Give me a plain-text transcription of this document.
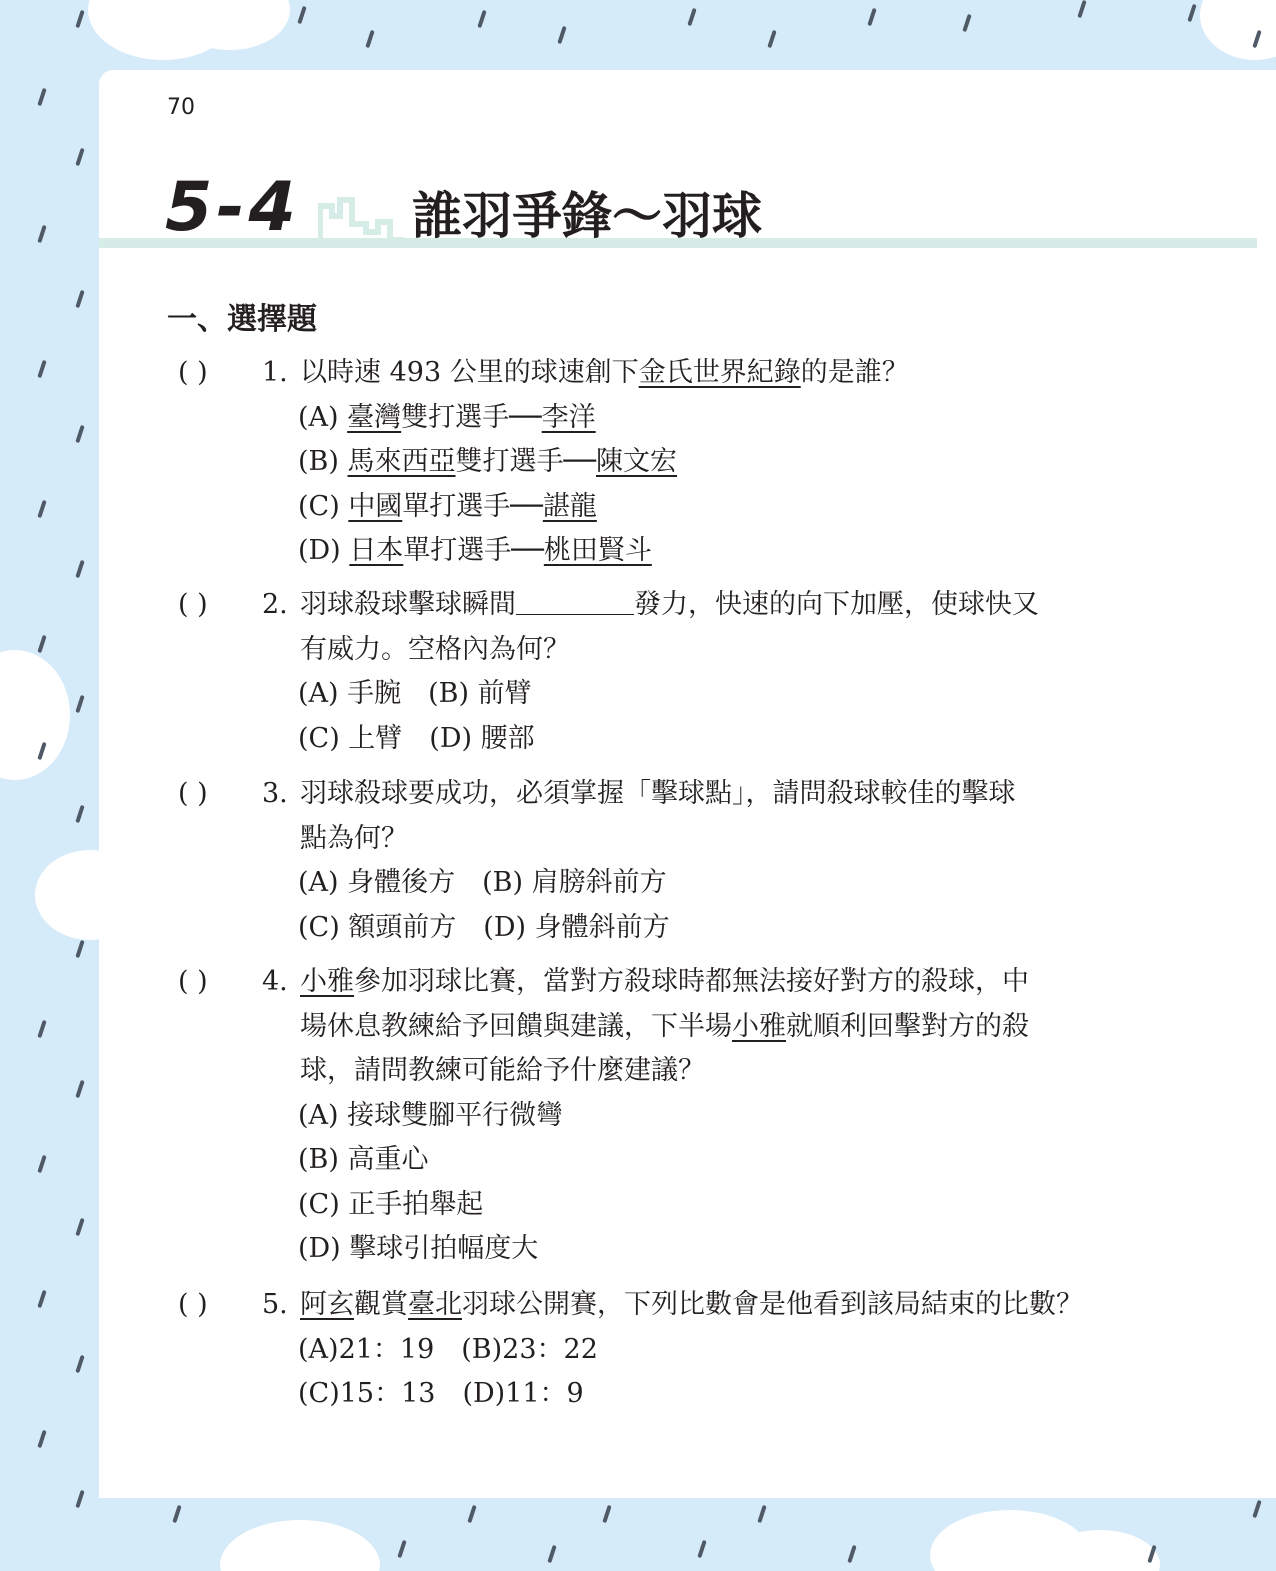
70
5-4 誰羽爭鋒～羽球
一、選擇題
( ) 1. 以時速 493 公里的球速創下金氏世界紀錄的是誰？
(A) 臺灣雙打選手──李洋
(B) 馬來西亞雙打選手──陳文宏
(C) 中國單打選手──諶龍
(D) 日本單打選手──桃田賢斗
( ) 2. 羽球殺球擊球瞬間	發力，快速的向下加壓，使球快又
有威力。空格內為何？
(A) 手腕　(B) 前臂
(C) 上臂　(D) 腰部
( ) 3. 羽球殺球要成功，必須掌握「擊球點」，請問殺球較佳的擊球
點為何？
(A) 身體後方　(B) 肩膀斜前方
(C) 額頭前方　(D) 身體斜前方
( ) 4. 小雅參加羽球比賽，當對方殺球時都無法接好對方的殺球，中
場休息教練給予回饋與建議，下半場小雅就順利回擊對方的殺
球，請問教練可能給予什麼建議？
(A) 接球雙腳平行微彎
(B) 高重心
(C) 正手拍舉起
(D) 擊球引拍幅度大
( ) 5. 阿玄觀賞臺北羽球公開賽，下列比數會是他看到該局結束的比數？
(A)21：19　(B)23：22
(C)15：13　(D)11：9
